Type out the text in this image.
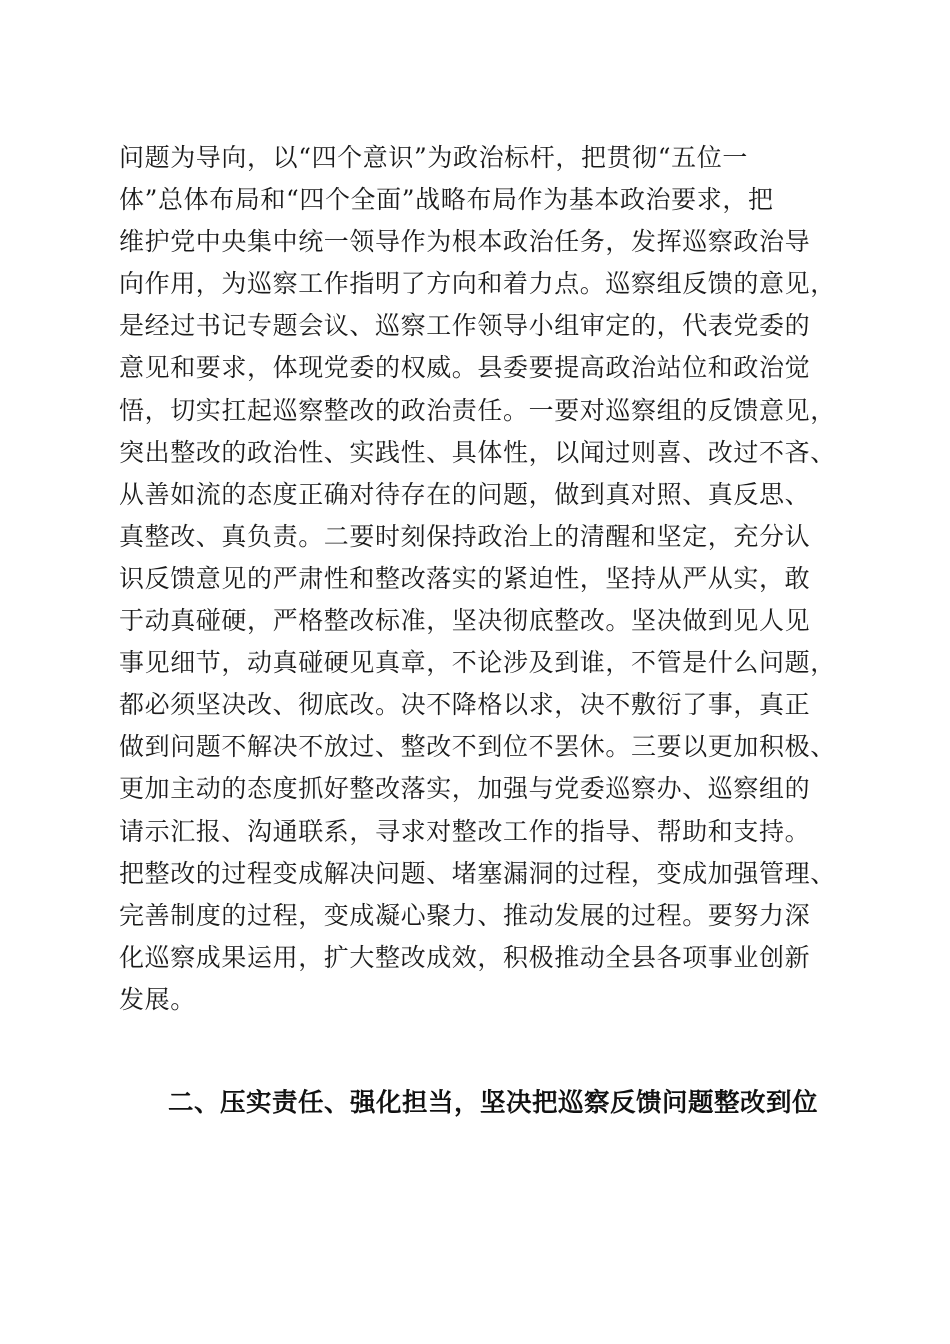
问题为导向，以“四个意识”为政治标杆，把贯彻“五位一
体”总体布局和“四个全面”战略布局作为基本政治要求，把
维护党中央集中统一领导作为根本政治任务，发挥巡察政治导
向作用，为巡察工作指明了方向和着力点。巡察组反馈的意见，
是经过书记专题会议、巡察工作领导小组审定的，代表党委的
意见和要求，体现党委的权威。县委要提高政治站位和政治觉
悟，切实扛起巡察整改的政治责任。一要对巡察组的反馈意见，
突出整改的政治性、实践性、具体性，以闻过则喜、改过不吝、
从善如流的态度正确对待存在的问题，做到真对照、真反思、
真整改、真负责。二要时刻保持政治上的清醒和坚定，充分认
识反馈意见的严肃性和整改落实的紧迫性，坚持从严从实，敢
于动真碰硬，严格整改标准，坚决彻底整改。坚决做到见人见
事见细节，动真碰硬见真章，不论涉及到谁，不管是什么问题，
都必须坚决改、彻底改。决不降格以求，决不敷衍了事，真正
做到问题不解决不放过、整改不到位不罢休。三要以更加积极、
更加主动的态度抓好整改落实，加强与党委巡察办、巡察组的
请示汇报、沟通联系，寻求对整改工作的指导、帮助和支持。
把整改的过程变成解决问题、堵塞漏洞的过程，变成加强管理、
完善制度的过程，变成凝心聚力、推动发展的过程。要努力深
化巡察成果运用，扩大整改成效，积极推动全县各项事业创新
发展。
二、压实责任、强化担当，坚决把巡察反馈问题整改到位
